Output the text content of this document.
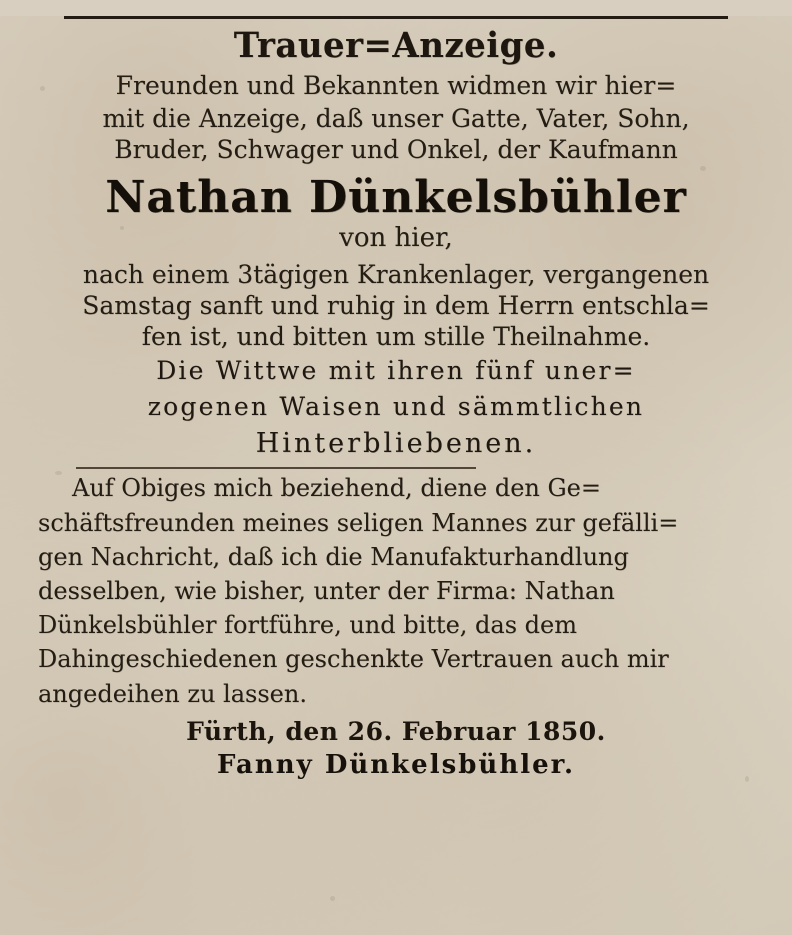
Trauer=Anzeige.
Freunden und Bekannten widmen wir hier=
mit die Anzeige, daß unser Gatte, Vater, Sohn,
Bruder, Schwager und Onkel, der Kaufmann
Nathan Dünkelsbühler
von hier,
nach einem 3tägigen Krankenlager, vergangenen
Samstag sanft und ruhig in dem Herrn entschla=
fen ist, und bitten um stille Theilnahme.
Die Wittwe mit ihren fünf uner=
zogenen Waisen und sämmtlichen
Hinterbliebenen.
Auf Obiges mich beziehend, diene den Ge=
schäftsfreunden meines seligen Mannes zur gefälli=
gen Nachricht, daß ich die Manufakturhandlung
desselben, wie bisher, unter der Firma: Nathan
Dünkelsbühler fortführe, und bitte, das dem
Dahingeschiedenen geschenkte Vertrauen auch mir
angedeihen zu lassen.
Fürth, den 26. Februar 1850.
Fanny Dünkelsbühler.
